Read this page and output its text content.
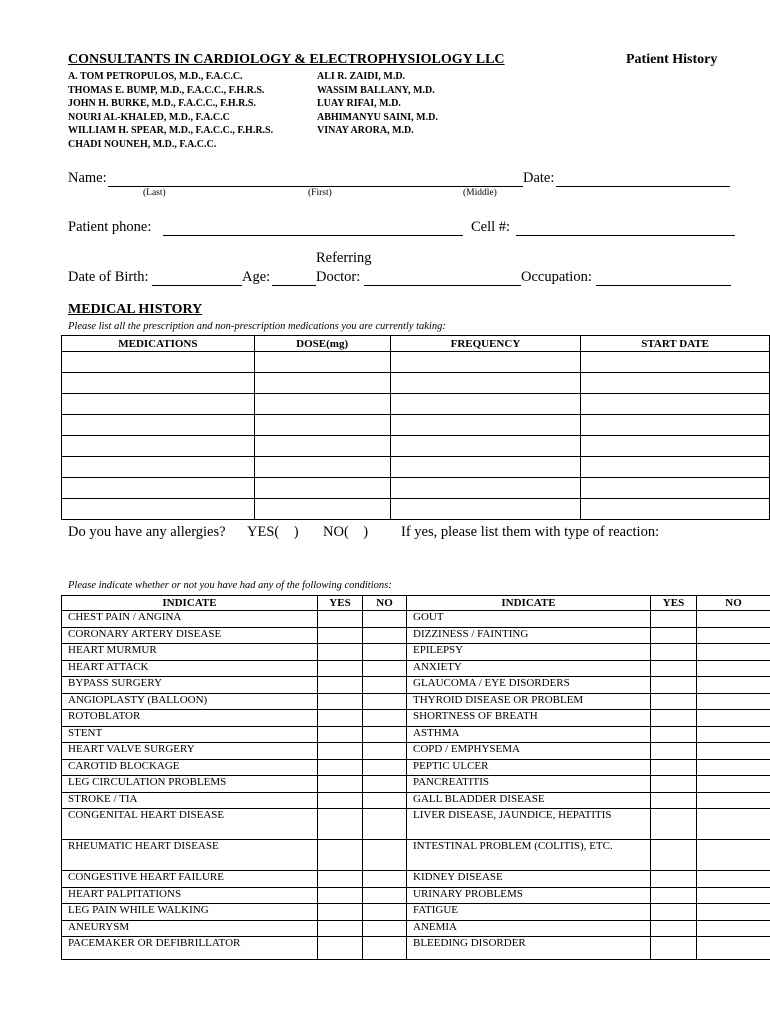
CONSULTANTS IN CARDIOLOGY & ELECTROPHYSIOLOGY LLC	Patient History
A. TOM PETROPULOS, M.D., F.A.C.C.
THOMAS E. BUMP, M.D., F.A.C.C., F.H.R.S.
JOHN H. BURKE, M.D., F.A.C.C., F.H.R.S.
NOURI AL-KHALED, M.D., F.A.C.C
WILLIAM H. SPEAR, M.D., F.A.C.C., F.H.R.S.
CHADI NOUNEH, M.D., F.A.C.C.
ALI R. ZAIDI, M.D.
WASSIM BALLANY, M.D.
LUAY RIFAI, M.D.
ABHIMANYU SAINI, M.D.
VINAY ARORA, M.D.
Name:	Date:
(Last)	(First)	(Middle)
Patient phone:	Cell #:
Referring
Date of Birth:	Age:	Doctor:	Occupation:
MEDICAL HISTORY
Please list all the prescription and non-prescription medications you are currently taking:
MEDICATIONS	DOSE(mg)	FREQUENCY	START DATE

Do you have any allergies? YES(    ) NO(    ) If yes, please list them with type of reaction:
Please indicate whether or not you have had any of the following conditions:
INDICATE	YES	NO	INDICATE	YES	NO
CHEST PAIN / ANGINA			GOUT		
CORONARY ARTERY DISEASE			DIZZINESS / FAINTING		
HEART MURMUR			EPILEPSY		
HEART ATTACK			ANXIETY		
BYPASS SURGERY			GLAUCOMA / EYE DISORDERS		
ANGIOPLASTY (BALLOON)			THYROID DISEASE OR PROBLEM		
ROTOBLATOR			SHORTNESS OF BREATH		
STENT			ASTHMA		
HEART VALVE SURGERY			COPD / EMPHYSEMA		
CAROTID BLOCKAGE			PEPTIC ULCER		
LEG CIRCULATION PROBLEMS			PANCREATITIS		
STROKE / TIA			GALL BLADDER DISEASE		
CONGENITAL HEART DISEASE			LIVER DISEASE, JAUNDICE, HEPATITIS		
RHEUMATIC HEART DISEASE			INTESTINAL PROBLEM (COLITIS), ETC.		
CONGESTIVE HEART FAILURE			KIDNEY DISEASE		
HEART PALPITATIONS			URINARY PROBLEMS		
LEG PAIN WHILE WALKING			FATIGUE		
ANEURYSM			ANEMIA		
PACEMAKER OR DEFIBRILLATOR			BLEEDING DISORDER		
